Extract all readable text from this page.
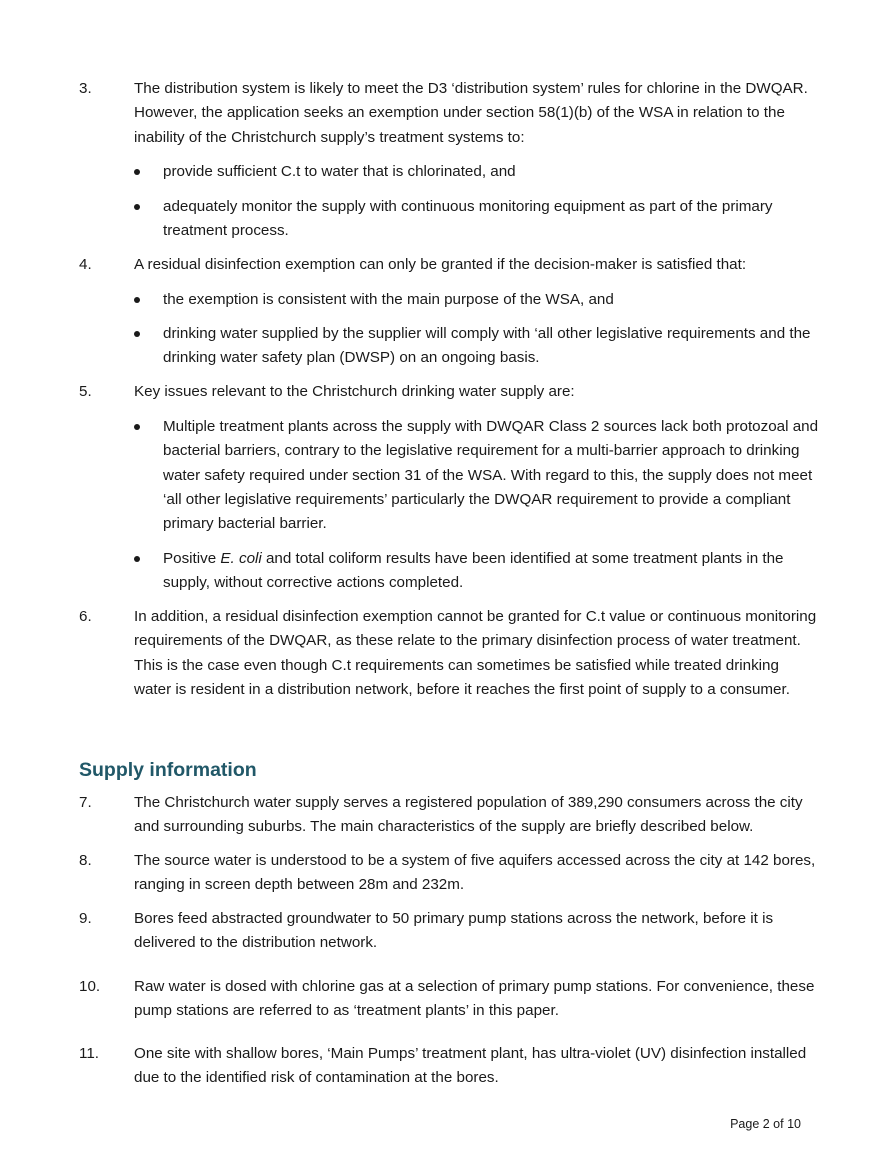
3.	The distribution system is likely to meet the D3 ‘distribution system’ rules for chlorine in the DWQAR. However, the application seeks an exemption under section 58(1)(b) of the WSA in relation to the inability of the Christchurch supply’s treatment systems to:
provide sufficient C.t to water that is chlorinated, and
adequately monitor the supply with continuous monitoring equipment as part of the primary treatment process.
4.	A residual disinfection exemption can only be granted if the decision-maker is satisfied that:
the exemption is consistent with the main purpose of the WSA, and
drinking water supplied by the supplier will comply with ‘all other legislative requirements and the drinking water safety plan (DWSP) on an ongoing basis.
5.	Key issues relevant to the Christchurch drinking water supply are:
Multiple treatment plants across the supply with DWQAR Class 2 sources lack both protozoal and bacterial barriers, contrary to the legislative requirement for a multi-barrier approach to drinking water safety required under section 31 of the WSA. With regard to this, the supply does not meet ‘all other legislative requirements’ particularly the DWQAR requirement to provide a compliant primary bacterial barrier.
Positive E. coli and total coliform results have been identified at some treatment plants in the supply, without corrective actions completed.
6.	In addition, a residual disinfection exemption cannot be granted for C.t value or continuous monitoring requirements of the DWQAR, as these relate to the primary disinfection process of water treatment. This is the case even though C.t requirements can sometimes be satisfied while treated drinking water is resident in a distribution network, before it reaches the first point of supply to a consumer.
Supply information
7.	The Christchurch water supply serves a registered population of 389,290 consumers across the city and surrounding suburbs. The main characteristics of the supply are briefly described below.
8.	The source water is understood to be a system of five aquifers accessed across the city at 142 bores, ranging in screen depth between 28m and 232m.
9.	Bores feed abstracted groundwater to 50 primary pump stations across the network, before it is delivered to the distribution network.
10.	Raw water is dosed with chlorine gas at a selection of primary pump stations. For convenience, these pump stations are referred to as ‘treatment plants’ in this paper.
11.	One site with shallow bores, ‘Main Pumps’ treatment plant, has ultra-violet (UV) disinfection installed due to the identified risk of contamination at the bores.
Page 2 of 10
